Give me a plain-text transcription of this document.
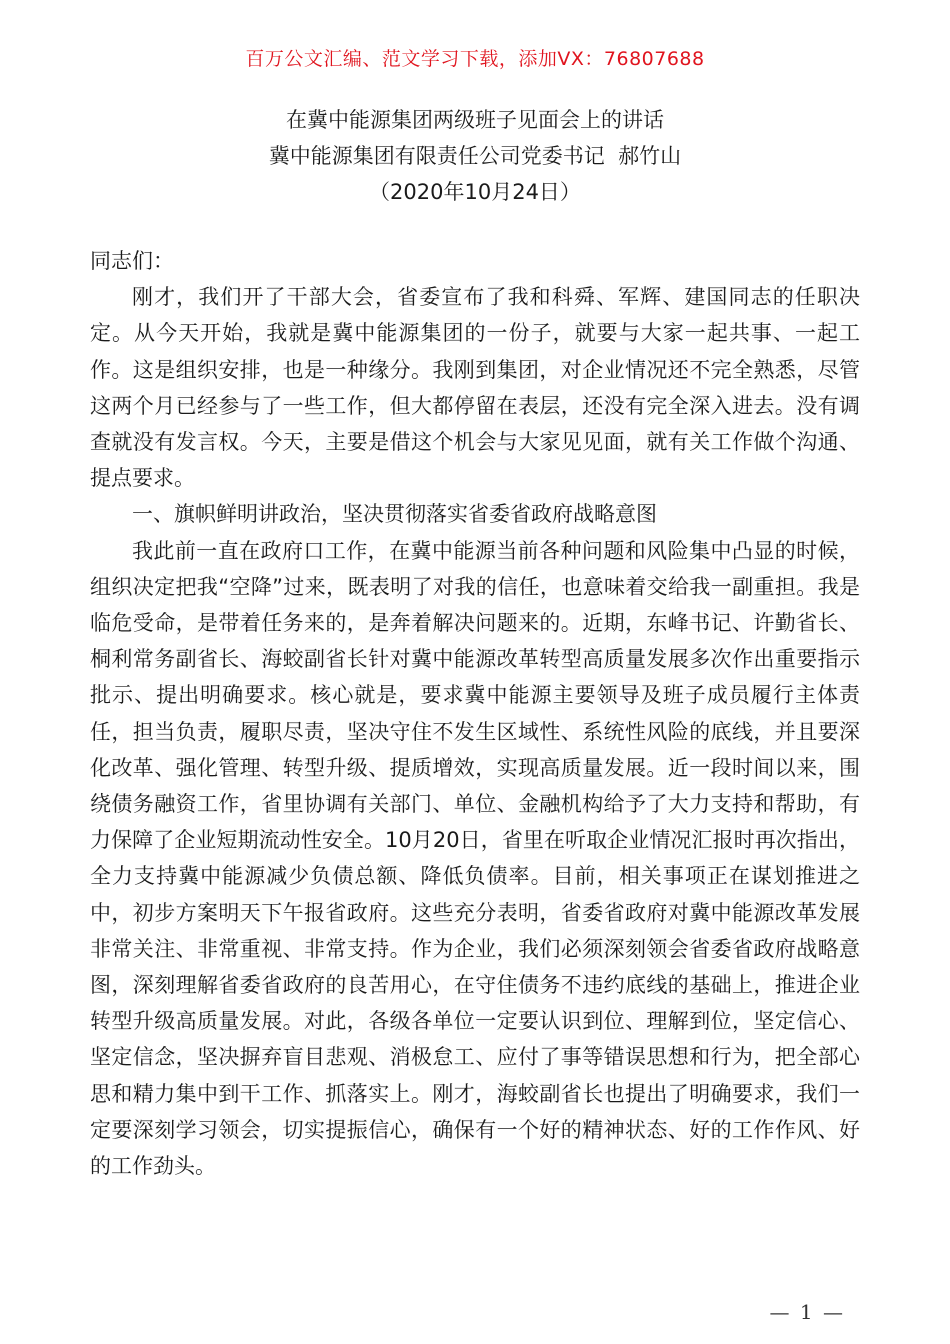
百万公文汇编、范文学习下载，添加VX：76807688
在冀中能源集团两级班子见面会上的讲话
冀中能源集团有限责任公司党委书记  郝竹山
（2020年10月24日）

同志们：

刚才，我们开了干部大会，省委宣布了我和科舜、军辉、建国同志的任职决定。从今天开始，我就是冀中能源集团的一份子，就要与大家一起共事、一起工作。这是组织安排，也是一种缘分。我刚到集团，对企业情况还不完全熟悉，尽管这两个月已经参与了一些工作，但大都停留在表层，还没有完全深入进去。没有调查就没有发言权。今天，主要是借这个机会与大家见见面，就有关工作做个沟通、提点要求。

一、旗帜鲜明讲政治，坚决贯彻落实省委省政府战略意图

我此前一直在政府口工作，在冀中能源当前各种问题和风险集中凸显的时候，组织决定把我“空降”过来，既表明了对我的信任，也意味着交给我一副重担。我是临危受命，是带着任务来的，是奔着解决问题来的。近期，东峰书记、许勤省长、桐利常务副省长、海蛟副省长针对冀中能源改革转型高质量发展多次作出重要指示批示、提出明确要求。核心就是，要求冀中能源主要领导及班子成员履行主体责任，担当负责，履职尽责，坚决守住不发生区域性、系统性风险的底线，并且要深化改革、强化管理、转型升级、提质增效，实现高质量发展。近一段时间以来，围绕债务融资工作，省里协调有关部门、单位、金融机构给予了大力支持和帮助，有力保障了企业短期流动性安全。10月20日，省里在听取企业情况汇报时再次指出，全力支持冀中能源减少负债总额、降低负债率。目前，相关事项正在谋划推进之中，初步方案明天下午报省政府。这些充分表明，省委省政府对冀中能源改革发展非常关注、非常重视、非常支持。作为企业，我们必须深刻领会省委省政府战略意图，深刻理解省委省政府的良苦用心，在守住债务不违约底线的基础上，推进企业转型升级高质量发展。对此，各级各单位一定要认识到位、理解到位，坚定信心、坚定信念，坚决摒弃盲目悲观、消极怠工、应付了事等错误思想和行为，把全部心思和精力集中到干工作、抓落实上。刚才，海蛟副省长也提出了明确要求，我们一定要深刻学习领会，切实提振信心，确保有一个好的精神状态、好的工作作风、好的工作劲头。

— 1 —
